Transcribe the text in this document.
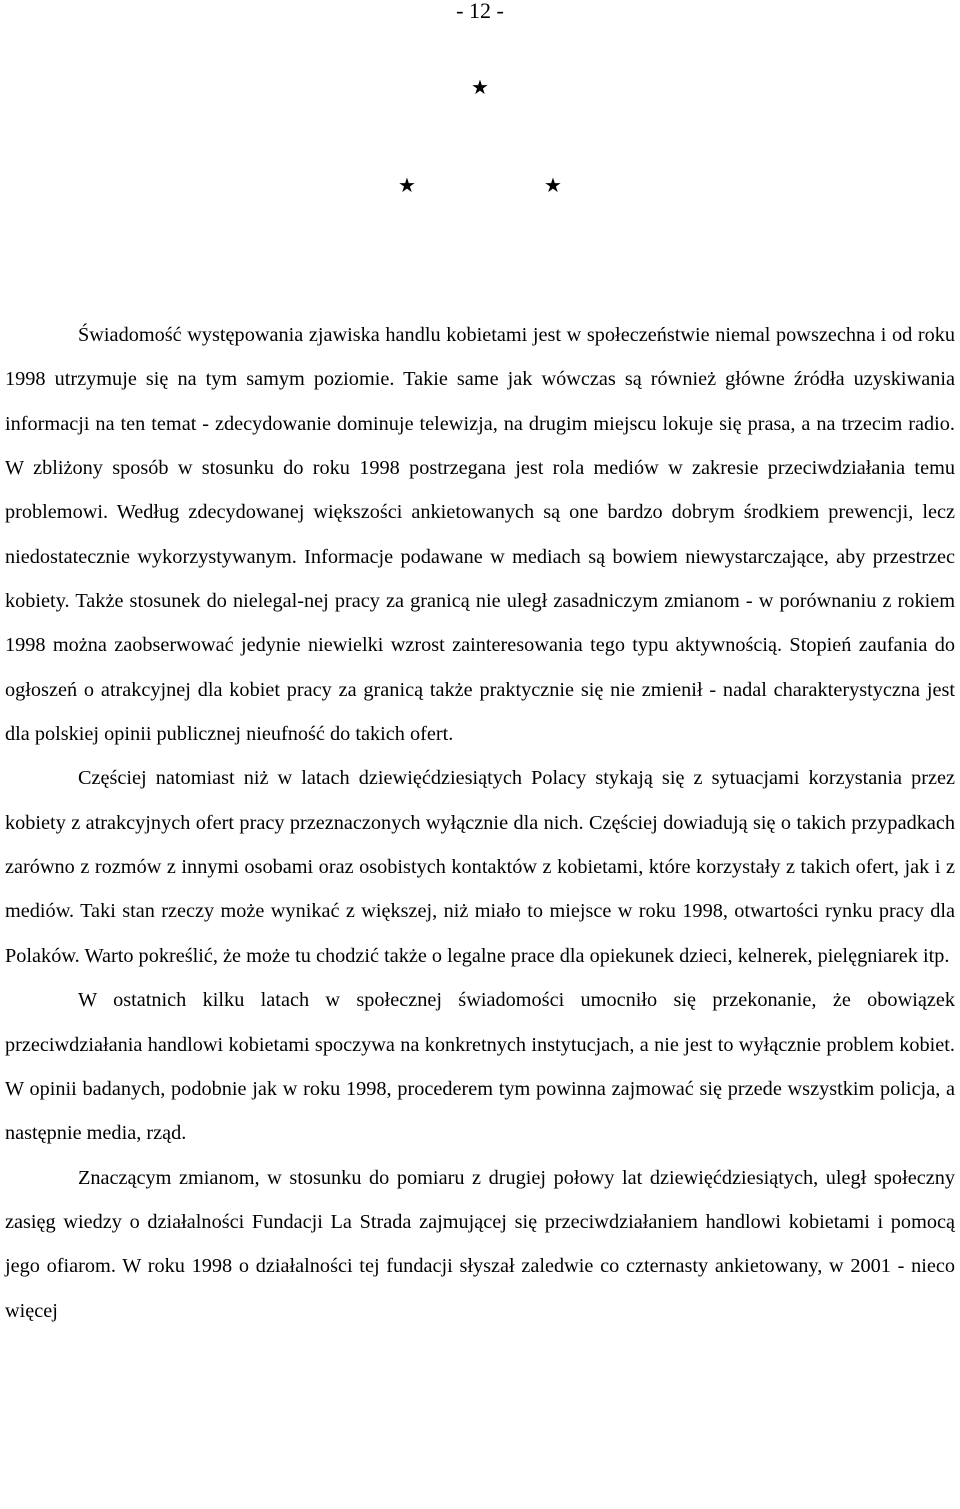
- 12 -
★
★	★

Świadomość występowania zjawiska handlu kobietami jest w społeczeństwie niemal powszechna i od roku 1998 utrzymuje się na tym samym poziomie. Takie same jak wówczas są również główne źródła uzyskiwania informacji na ten temat - zdecydowanie dominuje telewizja, na drugim miejscu lokuje się prasa, a na trzecim radio. W zbliżony sposób w stosunku do roku 1998 postrzegana jest rola mediów w zakresie przeciwdziałania temu problemowi. Według zdecydowanej większości ankietowanych są one bardzo dobrym środkiem prewencji, lecz niedostatecznie wykorzystywanym. Informacje podawane w mediach są bowiem niewystarczające, aby przestrzec kobiety. Także stosunek do nielegal-nej pracy za granicą nie uległ zasadniczym zmianom - w porównaniu z rokiem 1998 można zaobserwować jedynie niewielki wzrost zainteresowania tego typu aktywnością. Stopień zaufania do ogłoszeń o atrakcyjnej dla kobiet pracy za granicą także praktycznie się nie zmienił - nadal charakterystyczna jest dla polskiej opinii publicznej nieufność do takich ofert.

Częściej natomiast niż w latach dziewięćdziesiątych Polacy stykają się z sytuacjami korzystania przez kobiety z atrakcyjnych ofert pracy przeznaczonych wyłącznie dla nich. Częściej dowiadują się o takich przypadkach zarówno z rozmów z innymi osobami oraz osobistych kontaktów z kobietami, które korzystały z takich ofert, jak i z mediów. Taki stan rzeczy może wynikać z większej, niż miało to miejsce w roku 1998, otwartości rynku pracy dla Polaków. Warto pokreślić, że może tu chodzić także o legalne prace dla opiekunek dzieci, kelnerek, pielęgniarek itp.

W ostatnich kilku latach w społecznej świadomości umocniło się przekonanie, że obowiązek przeciwdziałania handlowi kobietami spoczywa na konkretnych instytucjach, a nie jest to wyłącznie problem kobiet. W opinii badanych, podobnie jak w roku 1998, procederem tym powinna zajmować się przede wszystkim policja, a następnie media, rząd.

Znaczącym zmianom, w stosunku do pomiaru z drugiej połowy lat dziewięćdziesiątych, uległ społeczny zasięg wiedzy o działalności Fundacji La Strada zajmującej się przeciwdziałaniem handlowi kobietami i pomocą jego ofiarom. W roku 1998 o działalności tej fundacji słyszał zaledwie co czternasty ankietowany, w 2001 - nieco więcej
